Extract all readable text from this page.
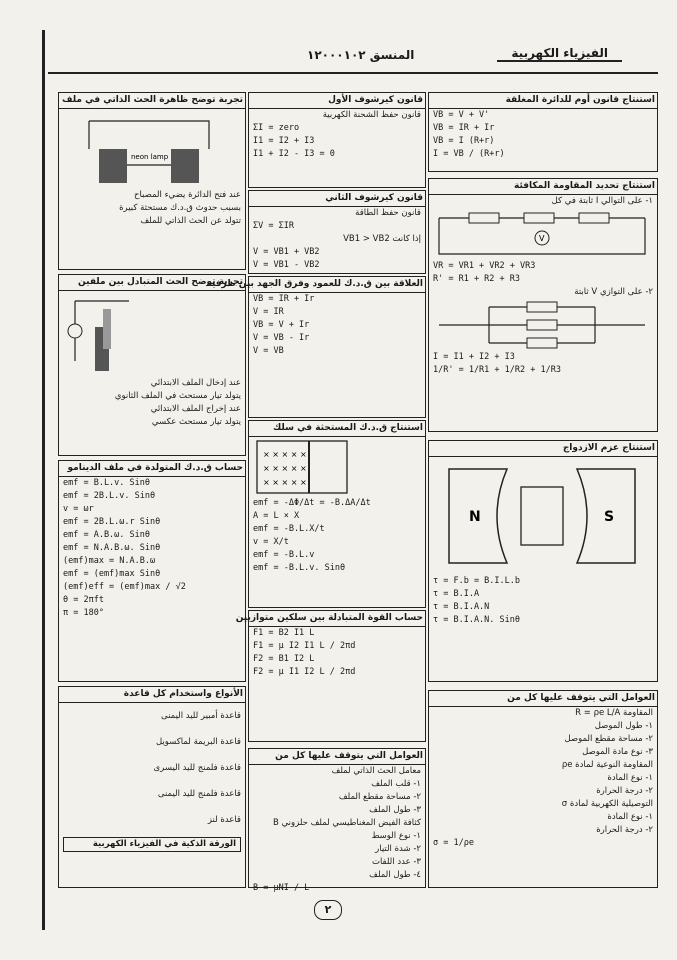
المنسق ١٢٠٠٠١٠٢	الفيزياء الكهربية
استنتاج قانون أوم للدائرة المغلقة
VB = V + V'
VB = IR + Ir
VB = I (R+r)
I = VB / (R+r)
استنتاج تحديد المقاومة المكافئة
١- على التوالي I ثابتة في كل
V
VR = VR1 + VR2 + VR3
R' = R1 + R2 + R3
٢- على التوازي V ثابتة
I = I1 + I2 + I3
1/R' = 1/R1 + 1/R2 + 1/R3
استنتاج عزم الازدواج
N	S
τ = F.b = B.I.L.b
τ = B.I.A
τ = B.I.A.N
τ = B.I.A.N. Sinθ
العوامل التي يتوقف عليها كل من
المقاومة R = ρe L/A
١- طول الموصل
٢- مساحة مقطع الموصل
٣- نوع مادة الموصل
المقاومة النوعية لمادة ρe
١- نوع المادة
٢- درجة الحرارة
التوصيلية الكهربية لمادة σ
١- نوع المادة
٢- درجة الحرارة
σ = 1/ρe
قانون كيرشوف الأول
قانون حفظ الشحنة الكهربية
ΣI = zero
I1 = I2 + I3
I1 + I2 - I3 = 0
قانون كيرشوف الثاني
قانون حفظ الطاقة
ΣV = ΣIR
إذا كانت VB1 > VB2
V = VB1 + VB2
V = VB1 - VB2
العلاقة بين ق.د.ك للعمود وفرق الجهد بين طرفيه
VB = IR + Ir
V = IR
VB = V + Ir
V = VB - Ir
V = VB
استنتاج ق.د.ك المستحثة في سلك
× × × × ×
× × × × ×
× × × × ×
emf = -ΔΦ/Δt = -B.ΔA/Δt
A = L × X
emf = -B.L.X/t
v = X/t
emf = -B.L.v
emf = -B.L.v. Sinθ
حساب القوة المتبادلة بين سلكين متوازيين
F1 = B2 I1 L
F1 = μ I2 I1 L / 2πd
F2 = B1 I2 L
F2 = μ I1 I2 L / 2πd
العوامل التي يتوقف عليها كل من
معامل الحث الذاتي لملف
١- قلب الملف
٢- مساحة مقطع الملف
٣- طول الملف
كثافة الفيض المغناطيسي لملف حلزوني B
١- نوع الوسط
٢- شدة التيار
٣- عدد اللفات
٤- طول الملف
B = μNI / L
تجربة توضح ظاهرة الحث الذاتي في ملف
neon lamp
عند فتح الدائرة يضيء المصباح
بسبب حدوث ق.د.ك مستحثة كبيرة
تتولد عن الحث الذاتي للملف
تجربة توضح الحث المتبادل بين ملفين
عند إدخال الملف الابتدائي
يتولد تيار مستحث في الملف الثانوي
عند إخراج الملف الابتدائي
يتولد تيار مستحث عكسي
حساب ق.د.ك المتولدة في ملف الدينامو
emf = B.L.v. Sinθ
emf = 2B.L.v. Sinθ
v = ωr
emf = 2B.L.ω.r Sinθ
emf = A.B.ω. Sinθ
emf = N.A.B.ω. Sinθ
(emf)max = N.A.B.ω
emf = (emf)max Sinθ
(emf)eff = (emf)max / √2
θ = 2πft
π = 180°
الأنواع واستخدام كل قاعدة
قاعدة أمبير لليد اليمنى
قاعدة البريمة لماكسويل
قاعدة فلمنج لليد اليسرى
قاعدة فلمنج لليد اليمنى
قاعدة لنز
الورقة الذكية في الفيزياء الكهربية
٢
